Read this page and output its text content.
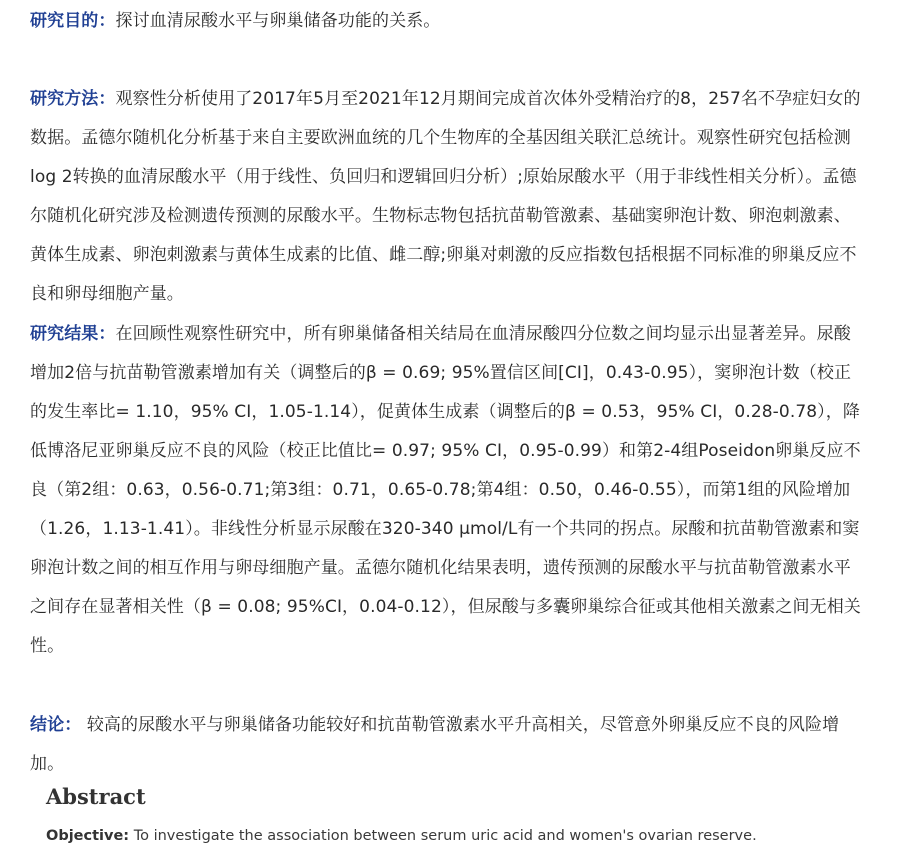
研究目的：探讨血清尿酸水平与卵巢储备功能的关系。

研究方法：观察性分析使用了2017年5月至2021年12月期间完成首次体外受精治疗的8，257名不孕症妇女的数据。孟德尔随机化分析基于来自主要欧洲血统的几个生物库的全基因组关联汇总统计。观察性研究包括检测log 2转换的血清尿酸水平（用于线性、负回归和逻辑回归分析）;原始尿酸水平（用于非线性相关分析）。孟德尔随机化研究涉及检测遗传预测的尿酸水平。生物标志物包括抗苗勒管激素、基础窦卵泡计数、卵泡刺激素、黄体生成素、卵泡刺激素与黄体生成素的比值、雌二醇;卵巢对刺激的反应指数包括根据不同标准的卵巢反应不良和卵母细胞产量。

研究结果：在回顾性观察性研究中，所有卵巢储备相关结局在血清尿酸四分位数之间均显示出显著差异。尿酸增加2倍与抗苗勒管激素增加有关（调整后的β = 0.69; 95%置信区间[CI]，0.43-0.95），窦卵泡计数（校正的发生率比= 1.10，95% CI，1.05-1.14），促黄体生成素（调整后的β = 0.53，95% CI，0.28-0.78），降低博洛尼亚卵巢反应不良的风险（校正比值比= 0.97; 95% CI，0.95-0.99）和第2-4组Poseidon卵巢反应不良（第2组：0.63，0.56-0.71;第3组：0.71，0.65-0.78;第4组：0.50，0.46-0.55），而第1组的风险增加（1.26，1.13-1.41）。非线性分析显示尿酸在320-340 μmol/L有一个共同的拐点。尿酸和抗苗勒管激素和窦卵泡计数之间的相互作用与卵母细胞产量。孟德尔随机化结果表明，遗传预测的尿酸水平与抗苗勒管激素水平之间存在显著相关性（β = 0.08; 95%CI，0.04-0.12），但尿酸与多囊卵巢综合征或其他相关激素之间无相关性。

结论： 较高的尿酸水平与卵巢储备功能较好和抗苗勒管激素水平升高相关，尽管意外卵巢反应不良的风险增加。

Abstract

Objective: To investigate the association between serum uric acid and women's ovarian reserve.
